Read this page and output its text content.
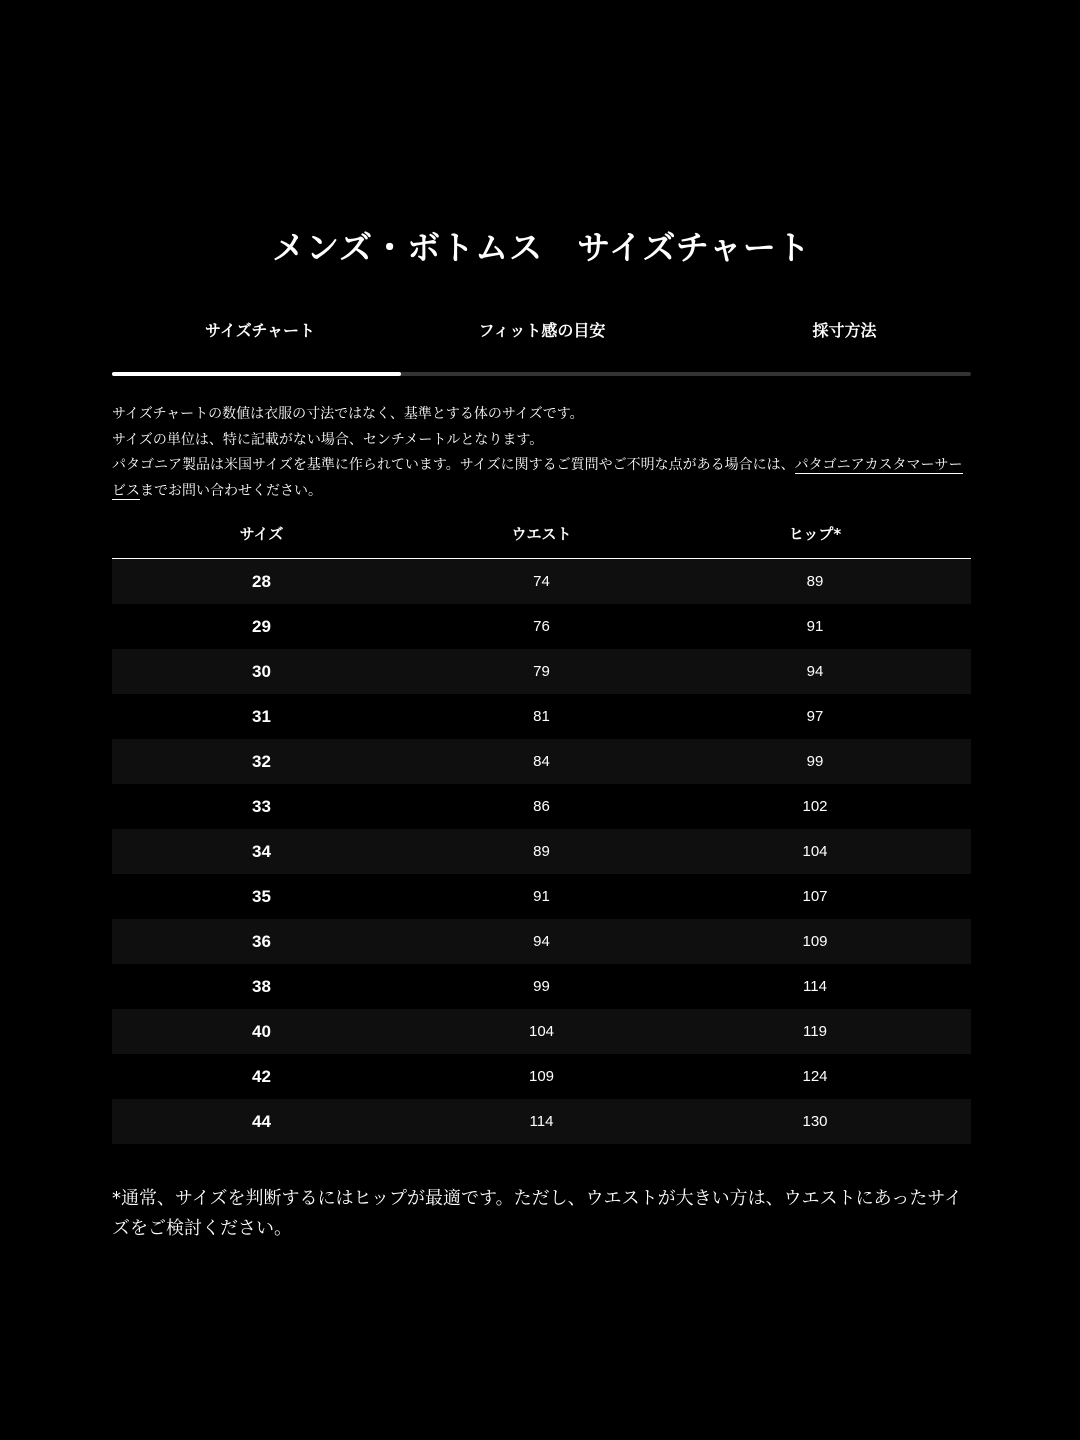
メンズ・ボトムス　サイズチャート
サイズチャート	フィット感の目安	採寸方法

サイズチャートの数値は衣服の寸法ではなく、基準とする体のサイズです。

サイズの単位は、特に記載がない場合、センチメートルとなります。

パタゴニア製品は米国サイズを基準に作られています。サイズに関するご質問やご不明な点がある場合には、パタゴニアカスタマーサービスまでお問い合わせください。

サイズ	ウエスト	ヒップ*
28	74	89
29	76	91
30	79	94
31	81	97
32	84	99
33	86	102
34	89	104
35	91	107
36	94	109
38	99	114
40	104	119
42	109	124
44	114	130

*通常、サイズを判断するにはヒップが最適です。ただし、ウエストが大きい方は、ウエストにあったサイズをご検討ください。
